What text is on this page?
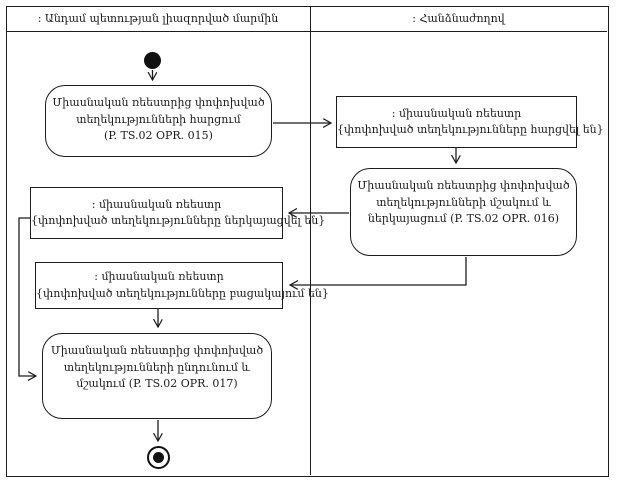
: Անդամ պետության լիազորված մարմին	: Հանձնաժողով
Միասնական ռեեստրից փոփոխված
տեղեկությունների հարցում
(P. TS.02 OPR. 015)
: միասնական ռեեստր
{փոփոխված տեղեկությունները հարցվել են}
Միասնական ռեեստրից փոփոխված
տեղեկությունների մշակում և
ներկայացում (P. TS.02 OPR. 016)
: միասնական ռեեստր
{փոփոխված տեղեկությունները ներկայացվել են}
: միասնական ռեեստր
{փոփոխված տեղեկությունները բացակայում են}
Միասնական ռեեստրից փոփոխված
տեղեկությունների ընդունում և
մշակում (P. TS.02 OPR. 017)
